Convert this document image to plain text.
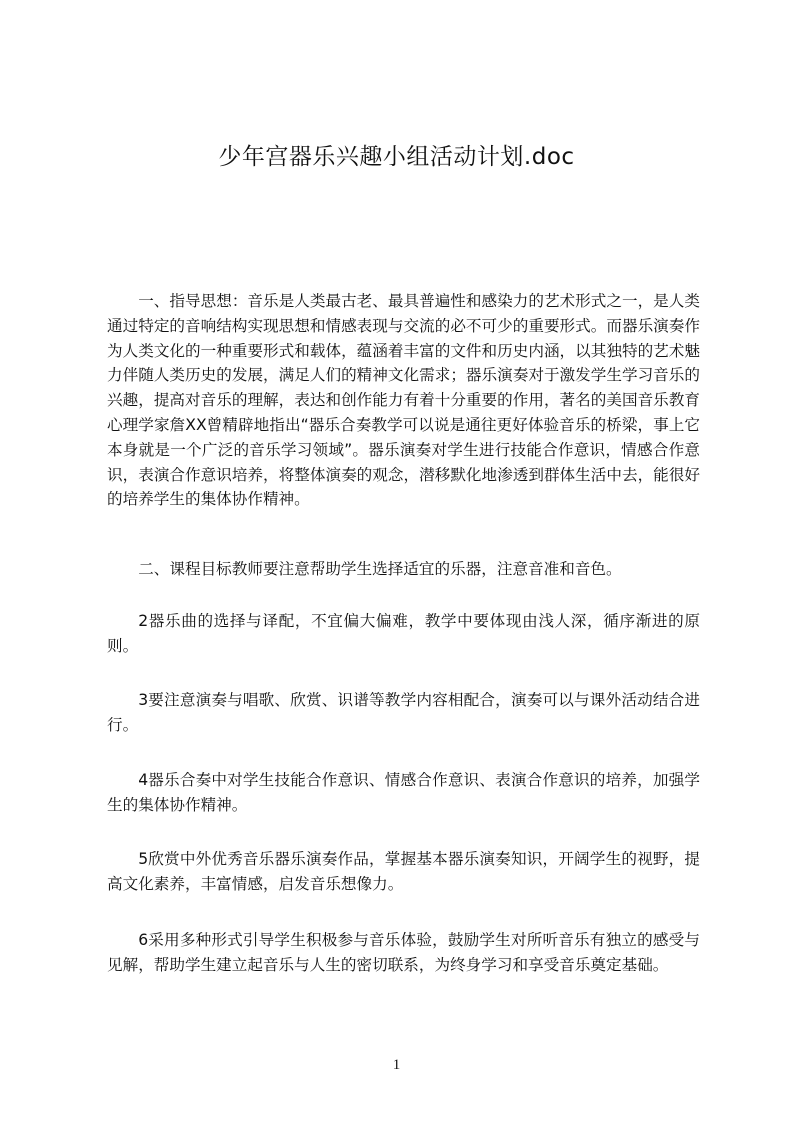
少年宫器乐兴趣小组活动计划.doc

一、指导思想：音乐是人类最古老、最具普遍性和感染力的艺术形式之一，是人类通过特定的音响结构实现思想和情感表现与交流的必不可少的重要形式。而器乐演奏作为人类文化的一种重要形式和载体，蕴涵着丰富的文件和历史内涵，以其独特的艺术魅力伴随人类历史的发展，满足人们的精神文化需求；器乐演奏对于激发学生学习音乐的兴趣，提高对音乐的理解，表达和创作能力有着十分重要的作用，著名的美国音乐教育心理学家詹XX曾精辟地指出“器乐合奏教学可以说是通往更好体验音乐的桥梁，事上它本身就是一个广泛的音乐学习领域”。器乐演奏对学生进行技能合作意识，情感合作意识，表演合作意识培养，将整体演奏的观念，潜移默化地渗透到群体生活中去，能很好的培养学生的集体协作精神。

二、课程目标教师要注意帮助学生选择适宜的乐器，注意音准和音色。

2器乐曲的选择与译配，不宜偏大偏难，教学中要体现由浅人深，循序渐进的原则。

3要注意演奏与唱歌、欣赏、识谱等教学内容相配合，演奏可以与课外活动结合进行。

4器乐合奏中对学生技能合作意识、情感合作意识、表演合作意识的培养，加强学生的集体协作精神。

5欣赏中外优秀音乐器乐演奏作品，掌握基本器乐演奏知识，开阔学生的视野，提高文化素养，丰富情感，启发音乐想像力。

6采用多种形式引导学生积极参与音乐体验，鼓励学生对所听音乐有独立的感受与见解，帮助学生建立起音乐与人生的密切联系，为终身学习和享受音乐奠定基础。

1
